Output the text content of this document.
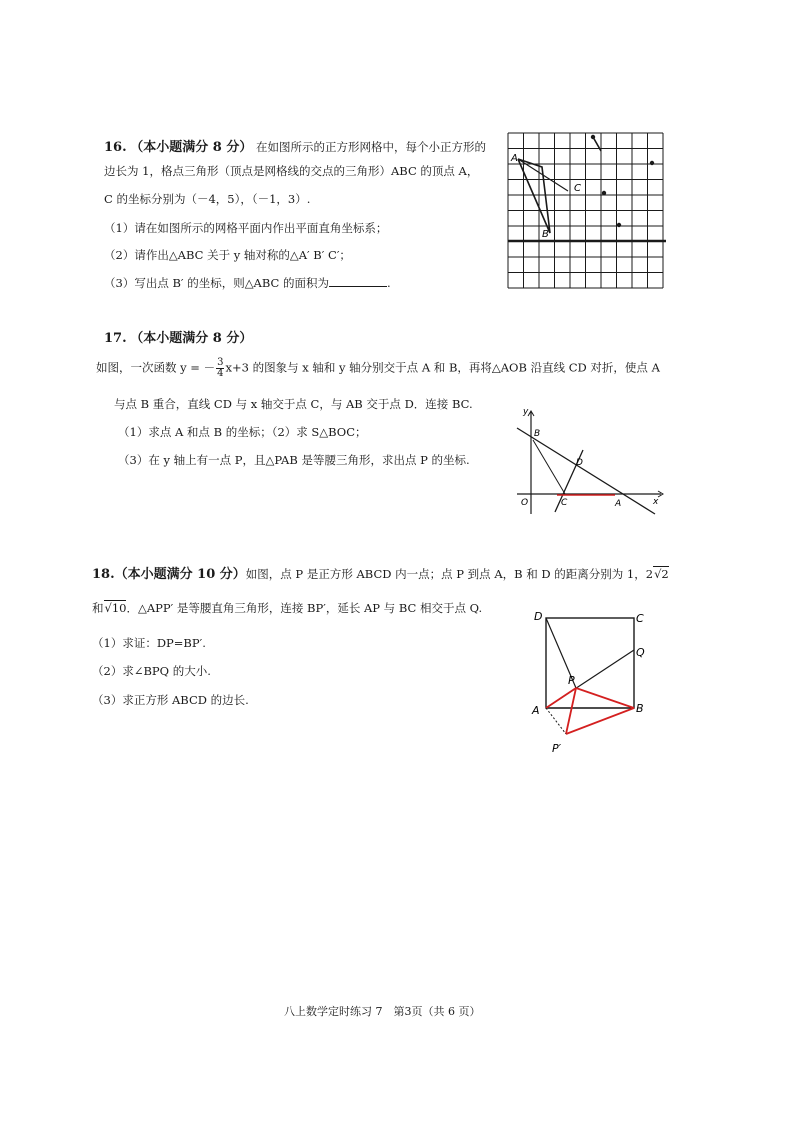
16. （本小题满分 8 分） 在如图所示的正方形网格中，每个小正方形的
边长为 1，格点三角形（顶点是网格线的交点的三角形）ABC 的顶点 A，
C 的坐标分别为（－4，5），（－1，3）.
（1）请在如图所示的网格平面内作出平面直角坐标系；
（2）请作出△ABC 关于 y 轴对称的△A′ B′ C′；
（3）写出点 B′ 的坐标，则△ABC 的面积为	.
A
C
B
17. （本小题满分 8 分）
如图，一次函数 y = － $\frac{3}{4} x+3$ 的图象与 x 轴和 y 轴分别交于点 A 和 B，再将△AOB 沿直线 CD 对折，使点 A
与点 B 重合，直线 CD 与 x 轴交于点 C，与 AB 交于点 D．连接 BC.
（1）求点 A 和点 B 的坐标；（2）求 S△BOC；
（3）在 y 轴上有一点 P，且△PAB 是等腰三角形，求出点 P 的坐标.
y
x
O
B
D
C	A
18.（本小题满分 10 分）如图，点 P 是正方形 ABCD 内一点；点 P 到点 A，B 和 D 的距离分别为 1，2√2
和√10．△APP′ 是等腰直角三角形，连接 BP′，延长 AP 与 BC 相交于点 Q.
（1）求证：DP=BP′.
（2）求∠BPQ 的大小.
（3）求正方形 ABCD 的边长.
D	C
Q
P
A	B
P′
八上数学定时练习 7　第3页（共 6 页）
